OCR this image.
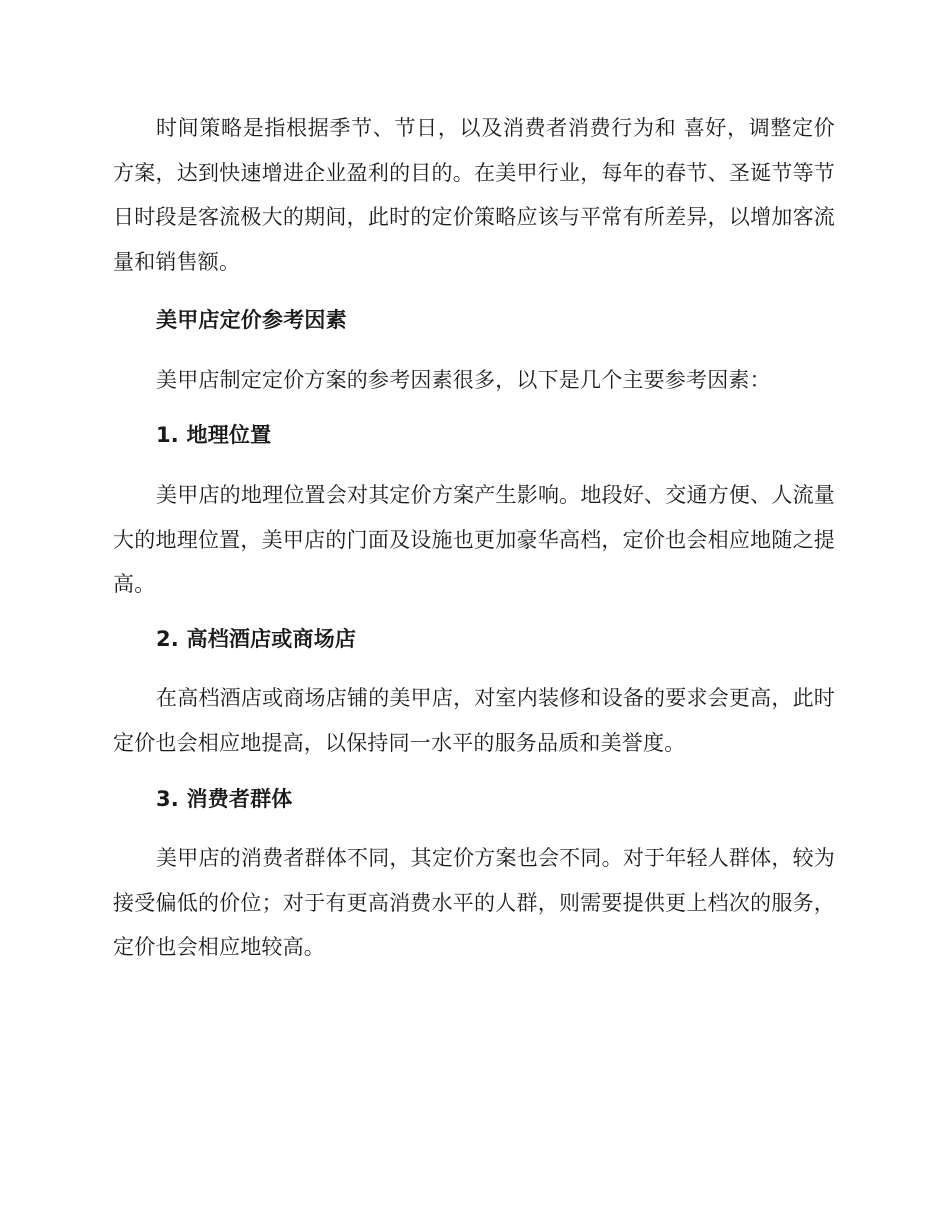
时间策略是指根据季节、节日，以及消费者消费行为和 喜好，调整定价方案，达到快速增进企业盈利的目的。在美甲行业，每年的春节、圣诞节等节日时段是客流极大的期间，此时的定价策略应该与平常有所差异，以增加客流量和销售额。

美甲店定价参考因素

美甲店制定定价方案的参考因素很多，以下是几个主要参考因素：

1. 地理位置

美甲店的地理位置会对其定价方案产生影响。地段好、交通方便、人流量大的地理位置，美甲店的门面及设施也更加豪华高档，定价也会相应地随之提高。

2. 高档酒店或商场店

在高档酒店或商场店铺的美甲店，对室内装修和设备的要求会更高，此时定价也会相应地提高，以保持同一水平的服务品质和美誉度。

3. 消费者群体

美甲店的消费者群体不同，其定价方案也会不同。对于年轻人群体，较为接受偏低的价位；对于有更高消费水平的人群，则需要提供更上档次的服务，定价也会相应地较高。
